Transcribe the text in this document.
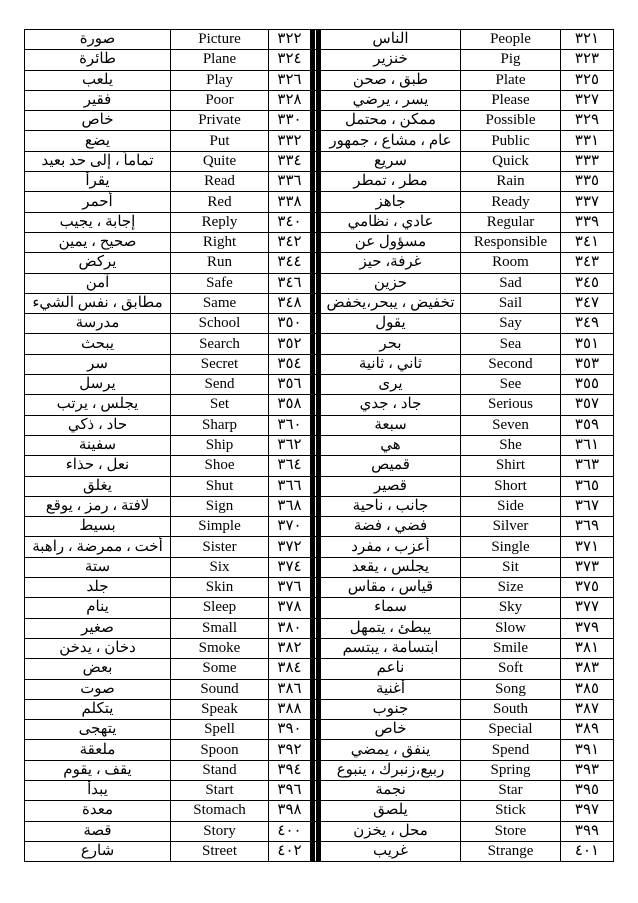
صورة	Picture	٣٢٢		الناس	People	٣٢١
طائرة	Plane	٣٢٤		خنزير	Pig	٣٢٣
يلعب	Play	٣٢٦		طبق ، صحن	Plate	٣٢٥
فقير	Poor	٣٢٨		يسر ، يرضي	Please	٣٢٧
خاص	Private	٣٣٠		ممكن ، محتمل	Possible	٣٢٩
يضع	Put	٣٣٢		عام ، مشاع ، جمهور	Public	٣٣١
تماماً ، إلى حد بعيد	Quite	٣٣٤		سريع	Quick	٣٣٣
يقرأ	Read	٣٣٦		مطر ، تمطر	Rain	٣٣٥
أحمر	Red	٣٣٨		جاهز	Ready	٣٣٧
إجابة ، يجيب	Reply	٣٤٠		عادي ، نظامي	Regular	٣٣٩
صحيح ، يمين	Right	٣٤٢		مسؤول عن	Responsible	٣٤١
يركض	Run	٣٤٤		غرفة، حيز	Room	٣٤٣
آمن	Safe	٣٤٦		حزين	Sad	٣٤٥
مطابق ، نفس الشيء	Same	٣٤٨		تخفيض ، يبحر،يخفض	Sail	٣٤٧
مدرسة	School	٣٥٠		يقول	Say	٣٤٩
يبحث	Search	٣٥٢		بحر	Sea	٣٥١
سر	Secret	٣٥٤		ثاني ، ثانية	Second	٣٥٣
يرسل	Send	٣٥٦		يرى	See	٣٥٥
يجلس ، يرتب	Set	٣٥٨		جاد ، جدي	Serious	٣٥٧
حاد ، ذكي	Sharp	٣٦٠		سبعة	Seven	٣٥٩
سفينة	Ship	٣٦٢		هي	She	٣٦١
نعل ، حذاء	Shoe	٣٦٤		قميص	Shirt	٣٦٣
يغلق	Shut	٣٦٦		قصير	Short	٣٦٥
لافتة ، رمز ، يوقع	Sign	٣٦٨		جانب ، ناحية	Side	٣٦٧
بسيط	Simple	٣٧٠		فضي ، فضة	Silver	٣٦٩
أخت ، ممرضة ، راهبة	Sister	٣٧٢		أعزب ، مفرد	Single	٣٧١
ستة	Six	٣٧٤		يجلس ، يقعد	Sit	٣٧٣
جلد	Skin	٣٧٦		قياس ، مقاس	Size	٣٧٥
ينام	Sleep	٣٧٨		سماء	Sky	٣٧٧
صغير	Small	٣٨٠		يبطئ ، يتمهل	Slow	٣٧٩
دخان ، يدخن	Smoke	٣٨٢		ابتسامة ، يبتسم	Smile	٣٨١
بعض	Some	٣٨٤		ناعم	Soft	٣٨٣
صوت	Sound	٣٨٦		أغنية	Song	٣٨٥
يتكلم	Speak	٣٨٨		جنوب	South	٣٨٧
يتهجى	Spell	٣٩٠		خاص	Special	٣٨٩
ملعقة	Spoon	٣٩٢		ينفق ، يمضي	Spend	٣٩١
يقف ، يقوم	Stand	٣٩٤		ربيع،زنبرك ، ينبوع	Spring	٣٩٣
يبدأ	Start	٣٩٦		نجمة	Star	٣٩٥
معدة	Stomach	٣٩٨		يلصق	Stick	٣٩٧
قصة	Story	٤٠٠		محل ، يخزن	Store	٣٩٩
شارع	Street	٤٠٢		غريب	Strange	٤٠١
